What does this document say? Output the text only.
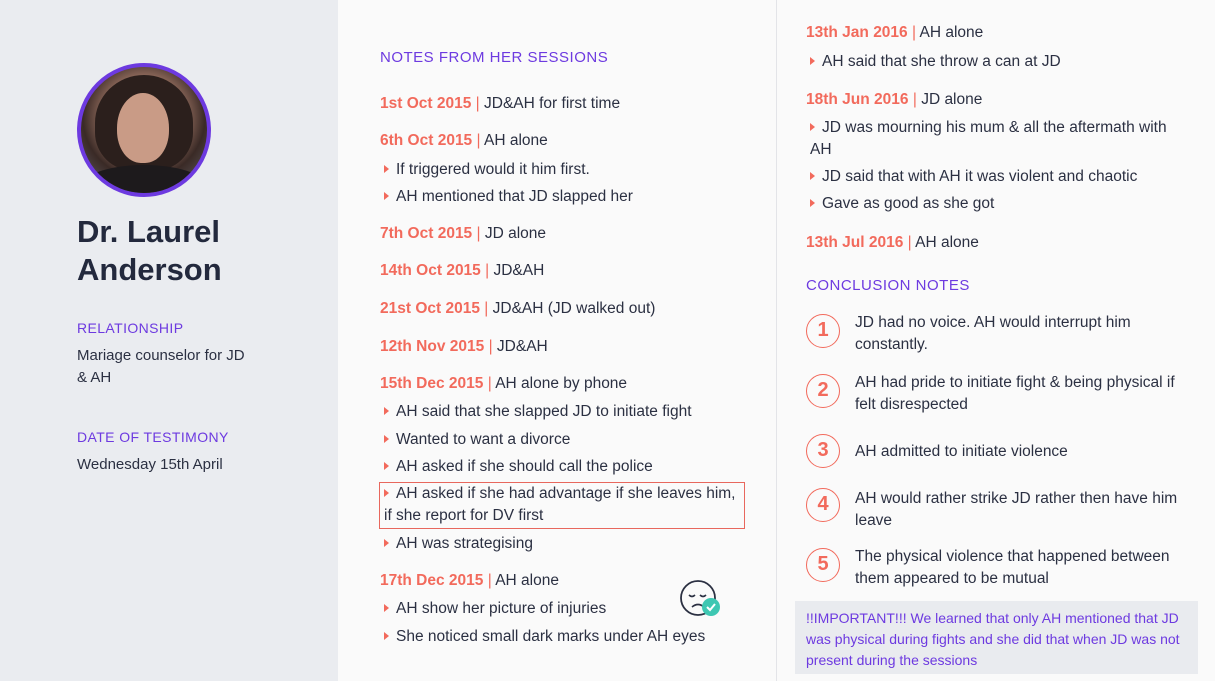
Dr. Laurel Anderson
RELATIONSHIP
Mariage counselor for JD & AH
DATE OF TESTIMONY
Wednesday 15th April
NOTES FROM HER SESSIONS
1st Oct 2015 | JD&AH for first time
6th Oct 2015 | AH alone
If triggered would it him first.
AH mentioned that JD slapped her
7th Oct 2015 | JD alone
14th Oct 2015 | JD&AH
21st Oct 2015 | JD&AH (JD walked out)
12th Nov 2015 | JD&AH
15th Dec 2015 | AH alone by phone
AH said that she slapped JD to initiate fight
Wanted to want a divorce
AH asked if she should call the police
AH asked if she had advantage if she leaves him, if she report for DV first
AH was strategising
17th Dec 2015 | AH alone
AH show her picture of injuries
She noticed small dark marks under AH eyes
13th Jan 2016 | AH alone
AH said that she throw a can at JD
18th Jun 2016 | JD alone
JD was mourning his mum & all the aftermath with AH
JD said that with AH it was violent and chaotic
Gave as good as she got
13th Jul 2016 | AH alone
CONCLUSION NOTES
1	JD had no voice. AH would interrupt him constantly.
2	AH had pride to initiate fight & being physical if felt disrespected
3	AH admitted to initiate violence
4	AH would rather strike JD rather then have him leave
5	The physical violence that happened between them appeared to be mutual
!!IMPORTANT!!! We learned that only AH mentioned that JD was physical during fights and she did that when JD was not present during the sessions
